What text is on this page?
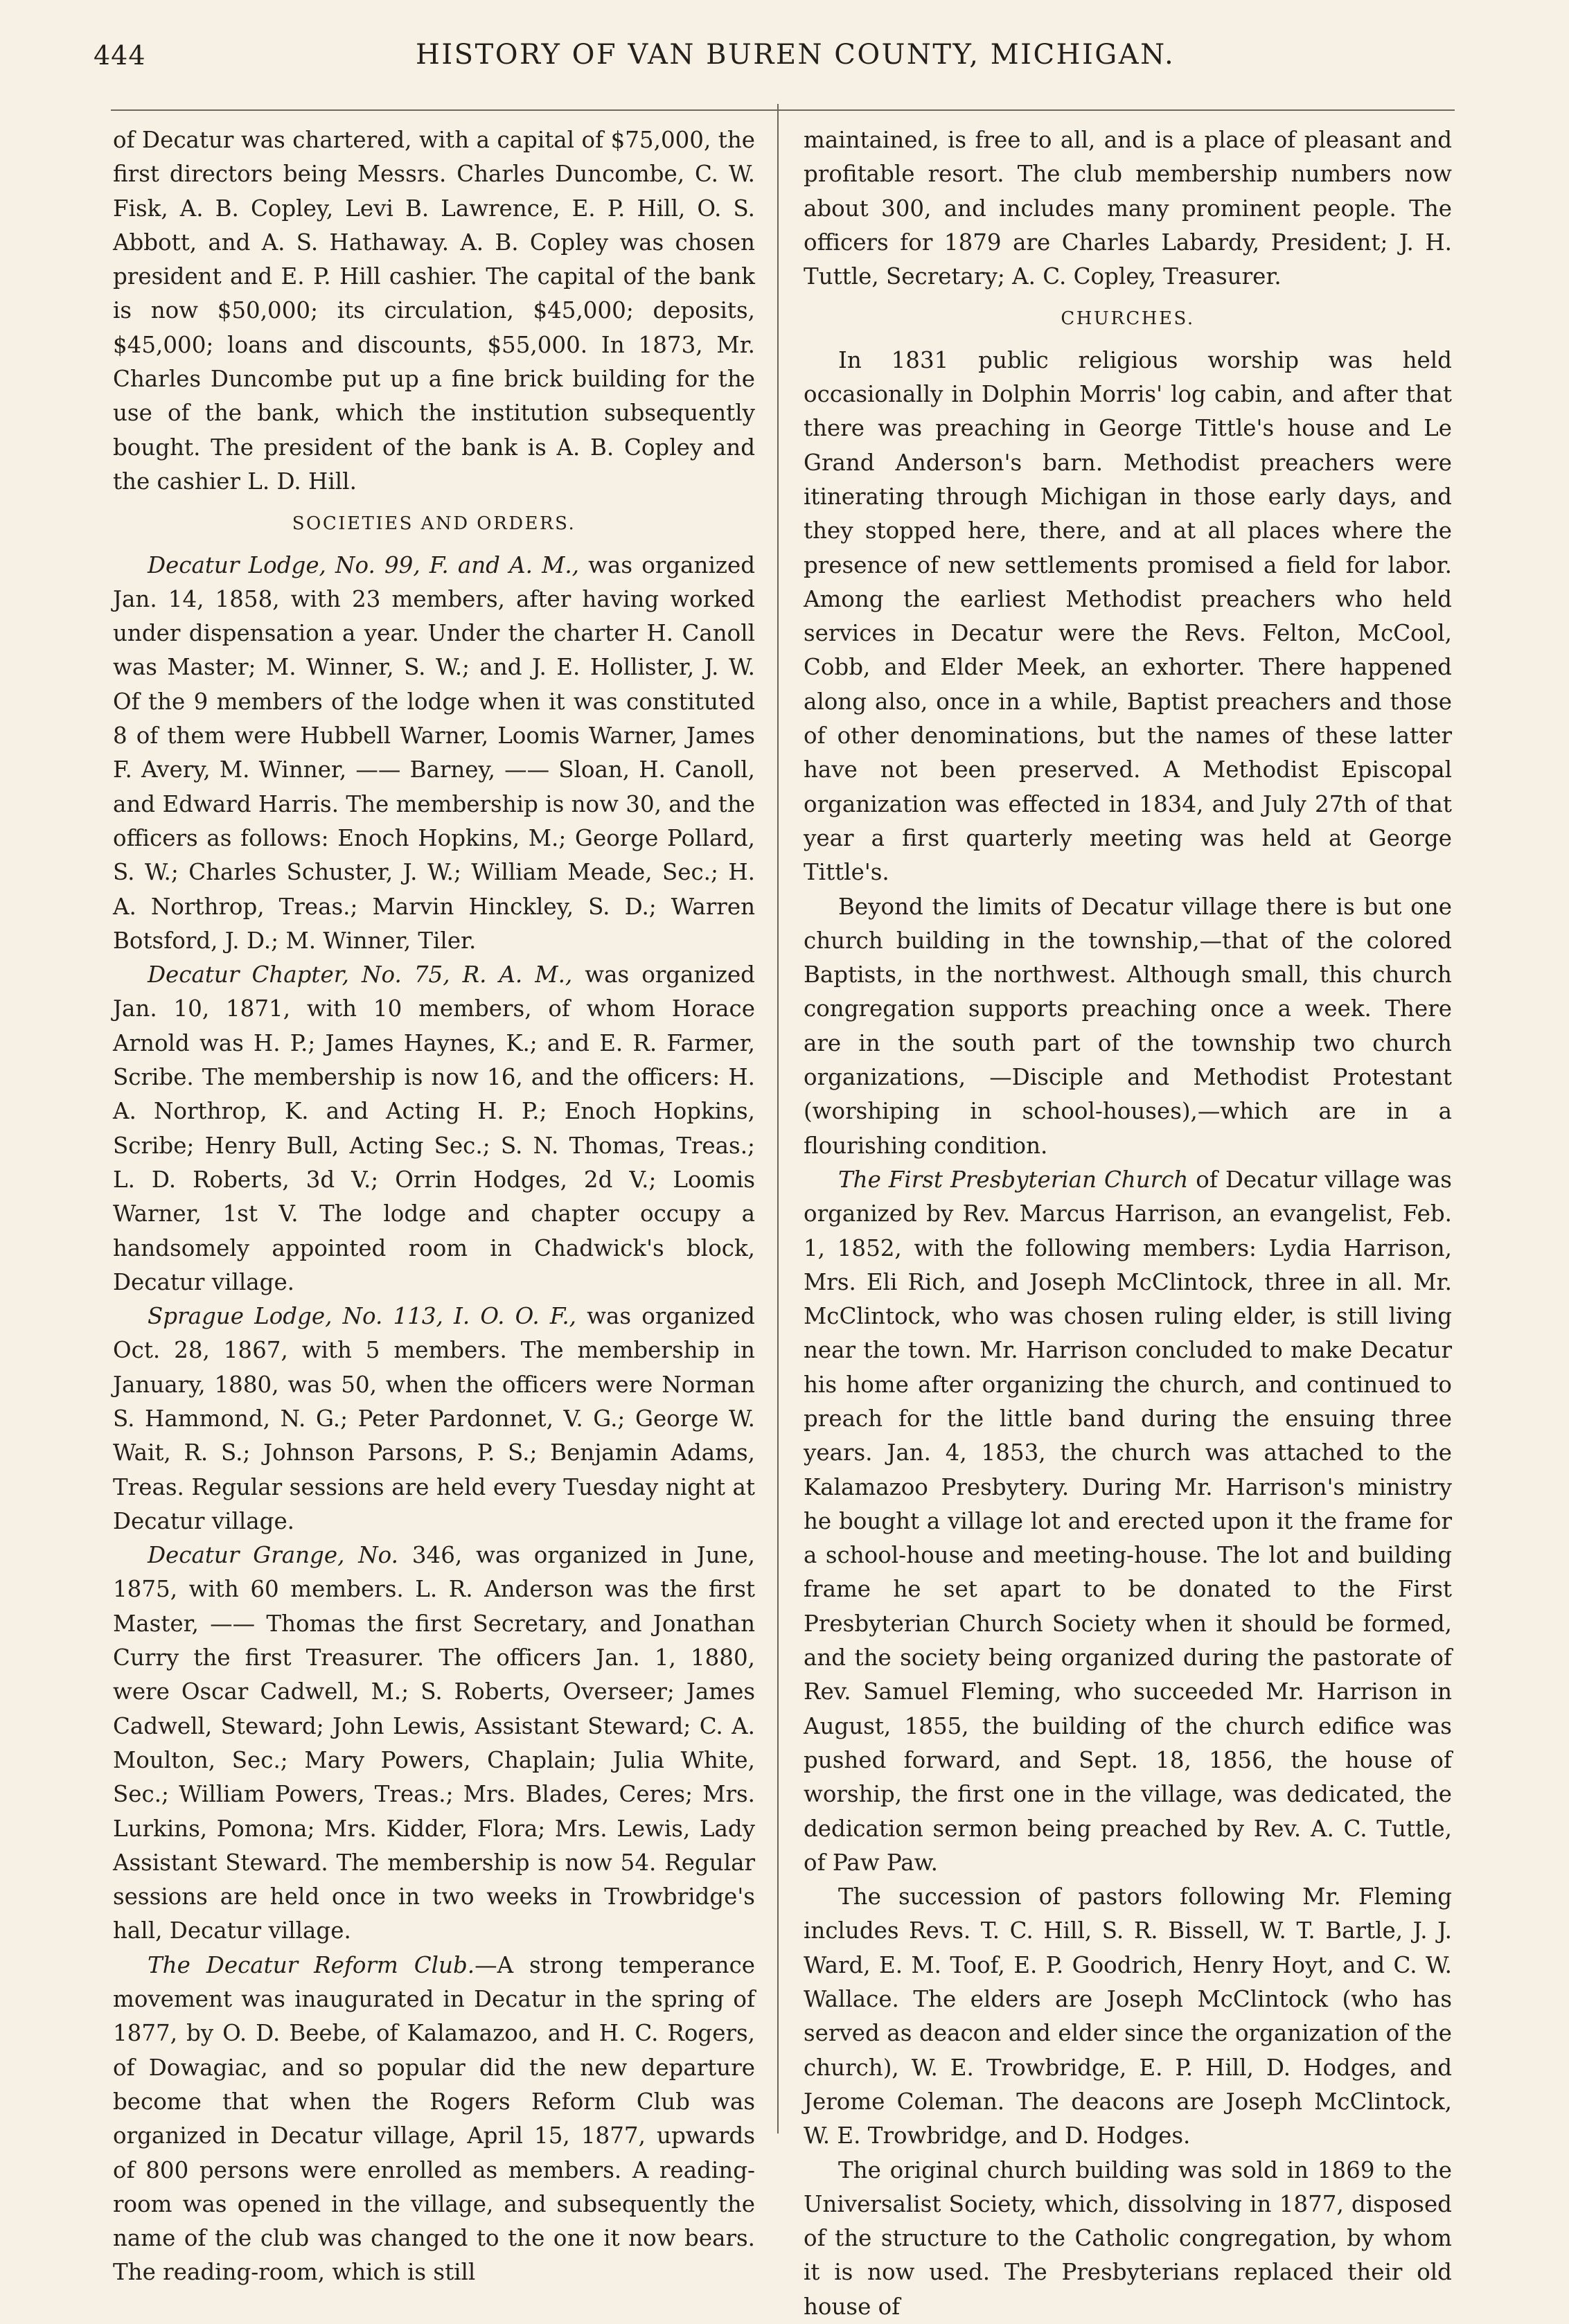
444	HISTORY OF VAN BUREN COUNTY, MICHIGAN.

of Decatur was chartered, with a capital of $75,000, the first directors being Messrs. Charles Duncombe, C. W. Fisk, A. B. Copley, Levi B. Lawrence, E. P. Hill, O. S. Abbott, and A. S. Hathaway. A. B. Copley was chosen president and E. P. Hill cashier. The capital of the bank is now $50,000; its circulation, $45,000; deposits, $45,000; loans and discounts, $55,000. In 1873, Mr. Charles Duncombe put up a fine brick building for the use of the bank, which the institution subsequently bought. The president of the bank is A. B. Copley and the cashier L. D. Hill.

SOCIETIES AND ORDERS.

Decatur Lodge, No. 99, F. and A. M., was organized Jan. 14, 1858, with 23 members, after having worked under dispensation a year. Under the charter H. Canoll was Master; M. Winner, S. W.; and J. E. Hollister, J. W. Of the 9 members of the lodge when it was constituted 8 of them were Hubbell Warner, Loomis Warner, James F. Avery, M. Winner, —— Barney, —— Sloan, H. Canoll, and Edward Harris. The membership is now 30, and the officers as follows: Enoch Hopkins, M.; George Pollard, S. W.; Charles Schuster, J. W.; William Meade, Sec.; H. A. Northrop, Treas.; Marvin Hinckley, S. D.; Warren Botsford, J. D.; M. Winner, Tiler.

Decatur Chapter, No. 75, R. A. M., was organized Jan. 10, 1871, with 10 members, of whom Horace Arnold was H. P.; James Haynes, K.; and E. R. Farmer, Scribe. The membership is now 16, and the officers: H. A. Northrop, K. and Acting H. P.; Enoch Hopkins, Scribe; Henry Bull, Acting Sec.; S. N. Thomas, Treas.; L. D. Roberts, 3d V.; Orrin Hodges, 2d V.; Loomis Warner, 1st V. The lodge and chapter occupy a handsomely appointed room in Chadwick's block, Decatur village.

Sprague Lodge, No. 113, I. O. O. F., was organized Oct. 28, 1867, with 5 members. The membership in January, 1880, was 50, when the officers were Norman S. Hammond, N. G.; Peter Pardonnet, V. G.; George W. Wait, R. S.; Johnson Parsons, P. S.; Benjamin Adams, Treas. Regular sessions are held every Tuesday night at Decatur village.

Decatur Grange, No. 346, was organized in June, 1875, with 60 members. L. R. Anderson was the first Master, —— Thomas the first Secretary, and Jonathan Curry the first Treasurer. The officers Jan. 1, 1880, were Oscar Cadwell, M.; S. Roberts, Overseer; James Cadwell, Steward; John Lewis, Assistant Steward; C. A. Moulton, Sec.; Mary Powers, Chaplain; Julia White, Sec.; William Powers, Treas.; Mrs. Blades, Ceres; Mrs. Lurkins, Pomona; Mrs. Kidder, Flora; Mrs. Lewis, Lady Assistant Steward. The membership is now 54. Regular sessions are held once in two weeks in Trowbridge's hall, Decatur village.

The Decatur Reform Club.—A strong temperance movement was inaugurated in Decatur in the spring of 1877, by O. D. Beebe, of Kalamazoo, and H. C. Rogers, of Dowagiac, and so popular did the new departure become that when the Rogers Reform Club was organized in Decatur village, April 15, 1877, upwards of 800 persons were enrolled as members. A reading-room was opened in the village, and subsequently the name of the club was changed to the one it now bears. The reading-room, which is still

maintained, is free to all, and is a place of pleasant and profitable resort. The club membership numbers now about 300, and includes many prominent people. The officers for 1879 are Charles Labardy, President; J. H. Tuttle, Secretary; A. C. Copley, Treasurer.

CHURCHES.

In 1831 public religious worship was held occasionally in Dolphin Morris' log cabin, and after that there was preaching in George Tittle's house and Le Grand Anderson's barn. Methodist preachers were itinerating through Michigan in those early days, and they stopped here, there, and at all places where the presence of new settlements promised a field for labor. Among the earliest Methodist preachers who held services in Decatur were the Revs. Felton, McCool, Cobb, and Elder Meek, an exhorter. There happened along also, once in a while, Baptist preachers and those of other denominations, but the names of these latter have not been preserved. A Methodist Episcopal organization was effected in 1834, and July 27th of that year a first quarterly meeting was held at George Tittle's.

Beyond the limits of Decatur village there is but one church building in the township,—that of the colored Baptists, in the northwest. Although small, this church congregation supports preaching once a week. There are in the south part of the township two church organizations, —Disciple and Methodist Protestant (worshiping in school-houses),—which are in a flourishing condition.

The First Presbyterian Church of Decatur village was organized by Rev. Marcus Harrison, an evangelist, Feb. 1, 1852, with the following members: Lydia Harrison, Mrs. Eli Rich, and Joseph McClintock, three in all. Mr. McClintock, who was chosen ruling elder, is still living near the town. Mr. Harrison concluded to make Decatur his home after organizing the church, and continued to preach for the little band during the ensuing three years. Jan. 4, 1853, the church was attached to the Kalamazoo Presbytery. During Mr. Harrison's ministry he bought a village lot and erected upon it the frame for a school-house and meeting-house. The lot and building frame he set apart to be donated to the First Presbyterian Church Society when it should be formed, and the society being organized during the pastorate of Rev. Samuel Fleming, who succeeded Mr. Harrison in August, 1855, the building of the church edifice was pushed forward, and Sept. 18, 1856, the house of worship, the first one in the village, was dedicated, the dedication sermon being preached by Rev. A. C. Tuttle, of Paw Paw.

The succession of pastors following Mr. Fleming includes Revs. T. C. Hill, S. R. Bissell, W. T. Bartle, J. J. Ward, E. M. Toof, E. P. Goodrich, Henry Hoyt, and C. W. Wallace. The elders are Joseph McClintock (who has served as deacon and elder since the organization of the church), W. E. Trowbridge, E. P. Hill, D. Hodges, and Jerome Coleman. The deacons are Joseph McClintock, W. E. Trowbridge, and D. Hodges.

The original church building was sold in 1869 to the Universalist Society, which, dissolving in 1877, disposed of the structure to the Catholic congregation, by whom it is now used. The Presbyterians replaced their old house of
